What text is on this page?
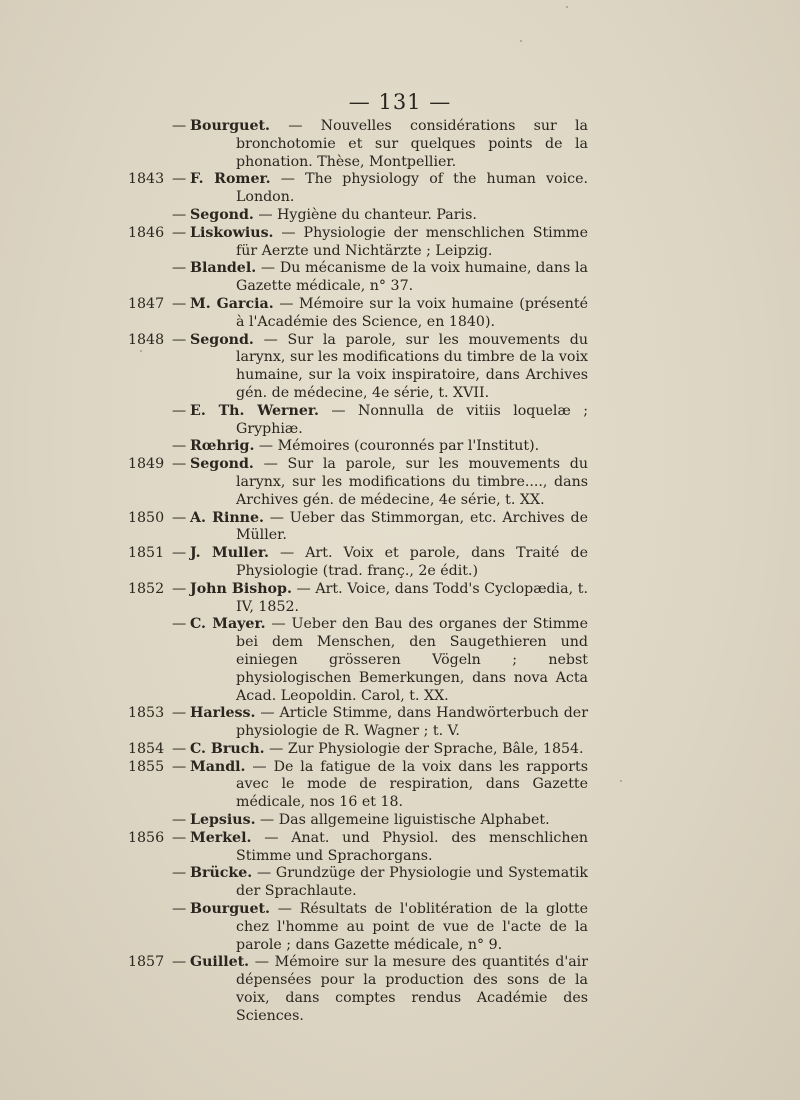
— 131 —

— Bourguet. — Nouvelles considérations sur la bronchotomie et sur quelques points de la phonation. Thèse, Montpellier.

1843 — F. Romer. — The physiology of the human voice. London.

— Segond. — Hygiène du chanteur. Paris.

1846 — Liskowius. — Physiologie der menschlichen Stimme für Aerzte und Nichtärzte ; Leipzig.

— Blandel. — Du mécanisme de la voix humaine, dans la Gazette médicale, n° 37.

1847 — M. Garcia. — Mémoire sur la voix humaine (présenté à l'Académie des Science, en 1840).

1848 — Segond. — Sur la parole, sur les mouvements du larynx, sur les modifications du timbre de la voix humaine, sur la voix inspiratoire, dans Archives gén. de médecine, 4e série, t. XVII.

— E. Th. Werner. — Nonnulla de vitiis loquelæ ; Gryphiæ.

— Rœhrig. — Mémoires (couronnés par l'Institut).

1849 — Segond. — Sur la parole, sur les mouvements du larynx, sur les modifications du timbre...., dans Archives gén. de médecine, 4e série, t. XX.

1850 — A. Rinne. — Ueber das Stimmorgan, etc. Archives de Müller.

1851 — J. Muller. — Art. Voix et parole, dans Traité de Physiologie (trad. franç., 2e édit.)

1852 — John Bishop. — Art. Voice, dans Todd's Cyclopædia, t. IV, 1852.

— C. Mayer. — Ueber den Bau des organes der Stimme bei dem Menschen, den Saugethieren und einiegen grösseren Vögeln ; nebst physiologischen Bemerkungen, dans nova Acta Acad. Leopoldin. Carol, t. XX.

1853 — Harless. — Article Stimme, dans Handwörterbuch der physiologie de R. Wagner ; t. V.

1854 — C. Bruch. — Zur Physiologie der Sprache, Bâle, 1854.

1855 — Mandl. — De la fatigue de la voix dans les rapports avec le mode de respiration, dans Gazette médicale, nos 16 et 18.

— Lepsius. — Das allgemeine liguistische Alphabet.

1856 — Merkel. — Anat. und Physiol. des menschlichen Stimme und Sprachorgans.

— Brücke. — Grundzüge der Physiologie und Systematik der Sprachlaute.

— Bourguet. — Résultats de l'oblitération de la glotte chez l'homme au point de vue de l'acte de la parole ; dans Gazette médicale, n° 9.

1857 — Guillet. — Mémoire sur la mesure des quantités d'air dépensées pour la production des sons de la voix, dans comptes rendus Académie des Sciences.
